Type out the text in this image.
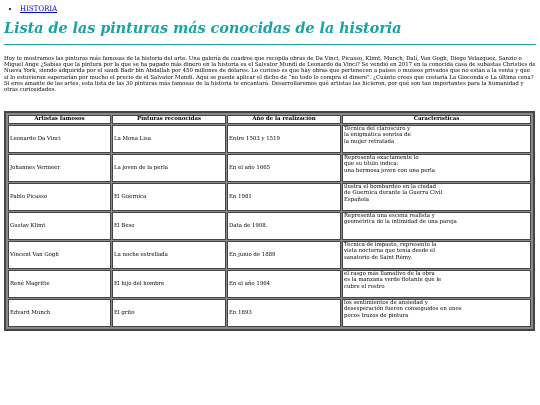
• HISTORIA
Lista de las pinturas más conocidas de la historia

Hoy te mostramos las pinturas más famosas de la historia del arte. Una galería de cuadros que recopila obras de Da Vinci, Picasso, Klimt, Munch, Dalí, Van Gogh, Diego Velazquez, Sanzio o Miguel Ange ¿Sabías que la pintura por la que se ha pagado más dinero en la historia es el Salvator Mundi de Leonardo da Vinci? Se vendió en 2017 en la conocida casa de subastas Christies de Nueva York, siendo adquirida por el saudí Badr bin Abdallah por 450 millones de dólares. Lo curioso es que hay obras que pertenecen a países o museos privados que no están a la venta y que si lo estuvieran superarían por mucho el precio de el Salvator Mundi. Aquí se puede aplicar el dicho de “no todo lo compra el dinero”. ¿Cuánto crees que costaría La Gioconda o La última cena? Si eres amante de las artes, esta lista de las 30 pinturas más famosas de la historia te encantará. Desarrollaremos qué artistas las hicieron, por qué son tan importantes para la humanidad y otras curiosidades.

Artistas famosos	Pinturas reconocidas	Año de la realización	Características
Leonardo Da Vinci	La Mona Lisa	Entre 1503 y 1519	Técnica del claroscuro y
la enigmática sonrisa de
la mujer retratada
Johannes Vermeer	La joven de la perla	En el año 1665	Representa exactamente lo
que su título indica:
una hermosa joven con una perla
Pablo Picasso	El Guernica	En 1981	ilustra el bombardeo en la ciudad
de Guernica durante la Guerra Civil
Española
Gustav Klimt	El Beso	Data de 1908.	Representa una escena realista y
geométrica de la intimidad de una pareja
Vincent Van Gogh	La noche estrellada	En junio de 1889	Técnica de impasto, representó la
vista nocturna que tenía desde el
sanatorio de Saint Rémy.
René Magritte	El hijo del hombre	En el año 1964	el rasgo más llamativo de la obra
es la manzana verde flotante que le
cubre el rostro
Edvard Munch	El grito	En 1893	los sentimientos de ansiedad y
desesperación fueron conseguidos en unos
pocos trazos de pintura
